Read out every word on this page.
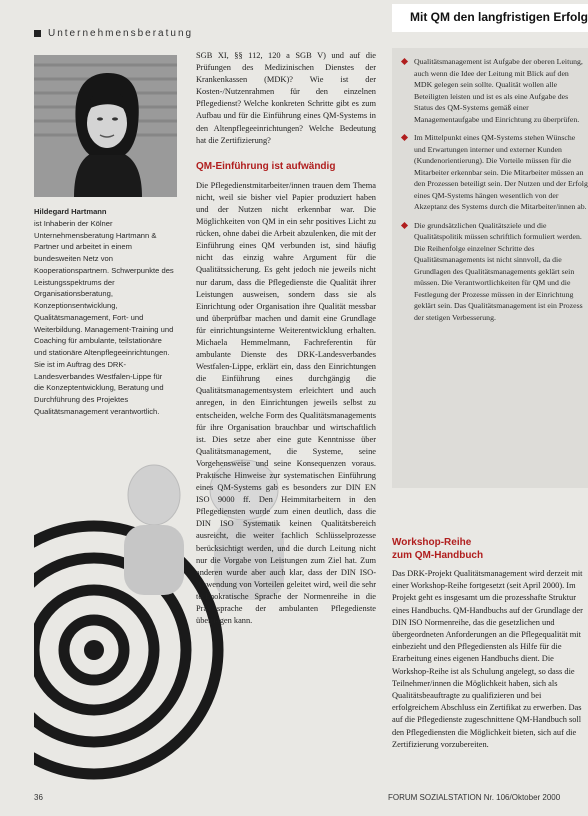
Unternehmensberatung
Mit QM den langfristigen Erfolg
Hildegard Hartmann
ist Inhaberin der Kölner Unternehmensberatung Hartmann & Partner und arbeitet in einem bundesweiten Netz von Kooperationspartnern. Schwerpunkte des Leistungsspektrums der Organisationsberatung, Konzeptionsentwicklung, Qualitätsmanagement, Fort- und Weiterbildung. Management-Training und Coaching für ambulante, teilstationäre und stationäre Altenpflegeeinrichtungen. Sie ist im Auftrag des DRK-Landesverbandes Westfalen-Lippe für die Konzeptentwicklung, Beratung und Durchführung des Projektes Qualitätsmanagement verantwortlich.

SGB XI, §§ 112, 120 a SGB V) und auf die Prüfungen des Medizinischen Dienstes der Krankenkassen (MDK)? Wie ist der Kosten-/Nutzenrahmen für den einzelnen Pflegedienst? Welche konkreten Schritte gibt es zum Aufbau und für die Einführung eines QM-Systems in den Altenpflegeeinrichtungen? Welche Bedeutung hat die Zertifizierung?

QM-Einführung ist aufwändig

Die Pflegedienstmitarbeiter/innen trauen dem Thema nicht, weil sie bisher viel Papier produziert haben und der Nutzen nicht erkennbar war. Die Möglichkeiten von QM in ein sehr positives Licht zu rücken, ohne dabei die Arbeit abzulenken, die mit der Einführung eines QM verbunden ist, sind häufig nicht das einzig wahre Argument für die Qualitätssicherung. Es geht jedoch nie jeweils nicht nur darum, dass die Pflegedienste die Qualität ihrer Leistungen ausweisen, sondern dass sie als Einrichtung oder Organisation ihre Qualität messbar und überprüfbar machen und damit eine Grundlage für einrichtungsinterne Weiterentwicklung erhalten. Michaela Hemmelmann, Fachreferentin für ambulante Dienste des DRK-Landesverbandes Westfalen-Lippe, erklärt ein, dass den Einrichtungen die Einführung eines durchgängig die Qualitätsmanagementsystem erleichtert und auch anregen, in den Einrichtungen jeweils selbst zu entscheiden, welche Form des Qualitätsmanagements für ihre Organisation brauchbar und wirtschaftlich ist. Dies setze aber eine gute Kenntnisse über Qualitätsmanagement, die Systeme, seine Vorgehensweise und seine Konsequenzen voraus. Praktische Hinweise zur systematischen Einführung eines QM-Systems gab es besonders zur DIN EN ISO 9000 ff. Den Heimmitarbeitern in den Pflegediensten wurde zum einen deutlich, dass die DIN ISO Systematik keinen Qualitätsbereich ausreicht, die weiter fachlich Schlüsselprozesse berücksichtigt werden, und die durch Leitung nicht nur die Vorgabe von Leistungen zum Ziel hat. Zum anderen wurde aber auch klar, dass der DIN ISO-Anwendung von Vorteilen geleitet wird, weil die sehr technokratische Sprache der Normenreihe in die Praxissprache der ambulanten Pflegedienste übertragen kann.

Qualitätsmanagement ist Aufgabe der oberen Leitung, auch wenn die Idee der Leitung mit Blick auf den MDK gelegen sein sollte. Qualität wollen alle Beteiligten leisten und ist es als eine Aufgabe des Status des QM-Systems gemäß einer Managementaufgabe und Einrichtung zu überprüfen.
Im Mittelpunkt eines QM-Systems stehen Wünsche und Erwartungen interner und externer Kunden (Kundenorientierung). Die Vorteile müssen für die Mitarbeiter erkennbar sein. Die Mitarbeiter müssen an den Prozessen beteiligt sein. Der Nutzen und der Erfolg eines QM-Systems hängen wesentlich von der Akzeptanz des Systems durch die Mitarbeiter/innen ab.
Die grundsätzlichen Qualitätsziele und die Qualitätspolitik müssen schriftlich formuliert werden. Die Reihenfolge einzelner Schritte des Qualitätsmanagements ist nicht sinnvoll, da die Grundlagen des Qualitätsmanagements geklärt sein müssen. Die Verantwortlichkeiten für QM und die Festlegung der Prozesse müssen in der Einrichtung geklärt sein. Das Qualitätsmanagement ist ein Prozess der stetigen Verbesserung.
Workshop-Reihe
zum QM-Handbuch

Das DRK-Projekt Qualitätsmanagement wird derzeit mit einer Workshop-Reihe fortgesetzt (seit April 2000). Im Projekt geht es insgesamt um die prozesshafte Struktur eines Handbuchs. QM-Handbuchs auf der Grundlage der DIN ISO Normenreihe, das die gesetzlichen und übergeordneten Anforderungen an die Pflegequalität mit einbezieht und den Pflegediensten als Hilfe für die Erarbeitung eines eigenen Handbuchs dient. Die Workshop-Reihe ist als Schulung angelegt, so dass die Teilnehmer/innen die Möglichkeit haben, sich als Qualitätsbeauftragte zu qualifizieren und bei erfolgreichem Abschluss ein Zertifikat zu erwerben. Das auf die Pflegedienste zugeschnittene QM-Handbuch soll den Pflegediensten die Möglichkeit bieten, sich auf die Zertifizierung vorzubereiten.

36	FORUM SOZIALSTATION Nr. 106/Oktober 2000
